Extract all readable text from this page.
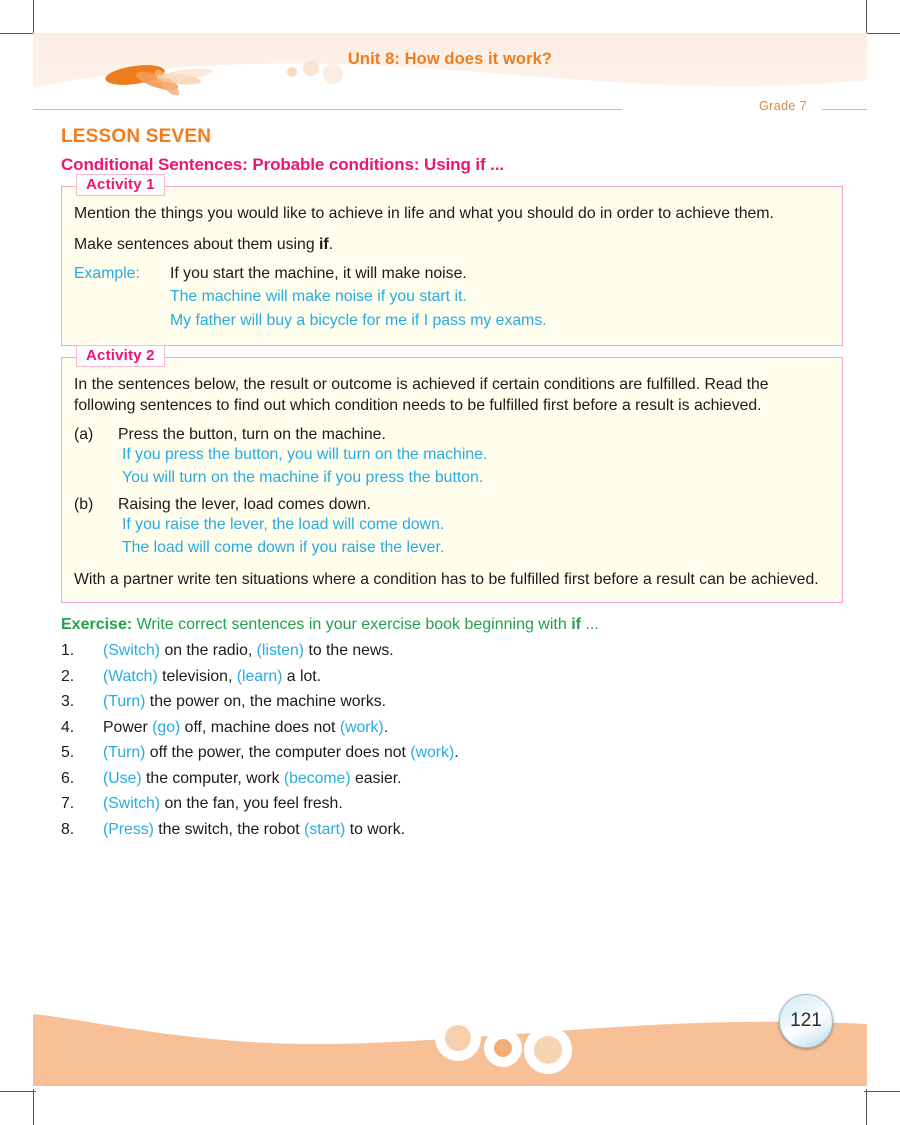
Unit 8: How does it work?
Grade 7
LESSON SEVEN
Conditional Sentences: Probable conditions: Using if ...
Activity 1
Mention the things you would like to achieve in life and what you should do in order to achieve them.
Make sentences about them using if.
Example:	If you start the machine, it will make noise.
The machine will make noise if you start it.
My father will buy a bicycle for me if I pass my exams.
Activity 2
In the sentences below, the result or outcome is achieved if certain conditions are fulfilled. Read the following sentences to find out which condition needs to be fulfilled first before a result is achieved.
(a)	Press the button, turn on the machine.
If you press the button, you will turn on the machine.
You will turn on the machine if you press the button.
(b)	Raising the lever, load comes down.
If you raise the lever, the load will come down.
The load will come down if you raise the lever.
With a partner write ten situations where a condition has to be fulfilled first before a result can be achieved.
Exercise: Write correct sentences in your exercise book beginning with if ...
1.	(Switch) on the radio, (listen) to the news.
2.	(Watch) television, (learn) a lot.
3.	(Turn) the power on, the machine works.
4.	Power (go) off, machine does not (work).
5.	(Turn) off the power, the computer does not (work).
6.	(Use) the computer, work (become) easier.
7.	(Switch) on the fan, you feel fresh.
8.	(Press) the switch, the robot (start) to work.
121
